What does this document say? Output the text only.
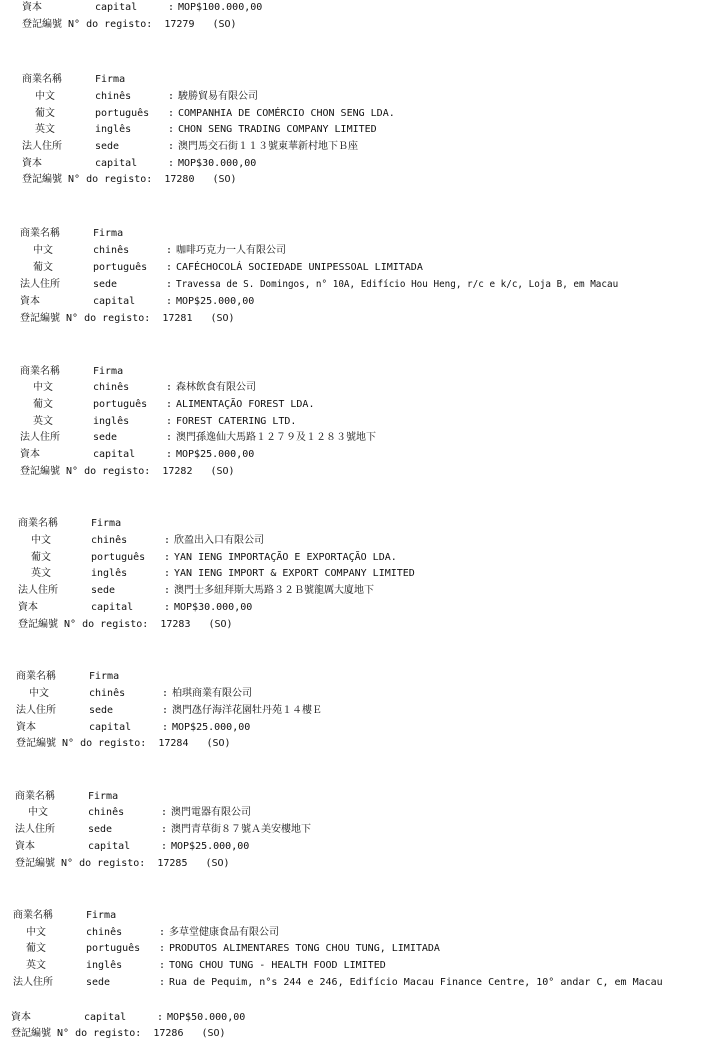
資本	capital	: MOP$100.000,00
登記編號 N° do registo: 17279 (SO)
商業名稱	Firma
中文	chinês	: 駿勝貿易有限公司
葡文	português : COMPANHIA DE COMÉRCIO CHON SENG LDA.
英文	inglês	: CHON SENG TRADING COMPANY LIMITED
法人住所	sede	: 澳門馬交石街１１３號東華新村地下Ｂ座
資本	capital	: MOP$30.000,00
登記編號 N° do registo: 17280 (SO)
商業名稱	Firma
中文	chinês	: 咖啡巧克力一人有限公司
葡文	português : CAFÉCHOCOLÁ SOCIEDADE UNIPESSOAL LIMITADA
法人住所	sede	: Travessa de S. Domingos, n° 10A, Edifício Hou Heng, r/c e k/c, Loja B, em Macau
資本	capital	: MOP$25.000,00
登記編號 N° do registo: 17281 (SO)
商業名稱	Firma
中文	chinês	: 森林飲食有限公司
葡文	português : ALIMENTAÇÃO FOREST LDA.
英文	inglês	: FOREST CATERING LTD.
法人住所	sede	: 澳門孫逸仙大馬路１２７９及１２８３號地下
資本	capital	: MOP$25.000,00
登記編號 N° do registo: 17282 (SO)
商業名稱	Firma
中文	chinês	: 欣盈出入口有限公司
葡文	português : YAN IENG IMPORTAÇÃO E EXPORTAÇÃO LDA.
英文	inglês	: YAN IENG IMPORT & EXPORT COMPANY LIMITED
法人住所	sede	: 澳門士多紐拜斯大馬路３２Ｂ號龍厲大廈地下
資本	capital	: MOP$30.000,00
登記編號 N° do registo: 17283 (SO)
商業名稱	Firma
中文	chinês	: 柏琪商業有限公司
法人住所	sede	: 澳門氹仔海洋花園牡丹苑１４樓Ｅ
資本	capital	: MOP$25.000,00
登記編號 N° do registo: 17284 (SO)
商業名稱	Firma
中文	chinês	: 澳門電器有限公司
法人住所	sede	: 澳門青草街８７號Ａ美安樓地下
資本	capital	: MOP$25.000,00
登記編號 N° do registo: 17285 (SO)
商業名稱	Firma
中文	chinês	: 多草堂健康食品有限公司
葡文	português : PRODUTOS ALIMENTARES TONG CHOU TUNG, LIMITADA
英文	inglês	: TONG CHOU TUNG - HEALTH FOOD LIMITED
法人住所	sede	: Rua de Pequim, n°s 244 e 246, Edifício Macau Finance Centre, 10° andar C, em Macau
資本	capital	: MOP$50.000,00
登記編號 N° do registo: 17286 (SO)
